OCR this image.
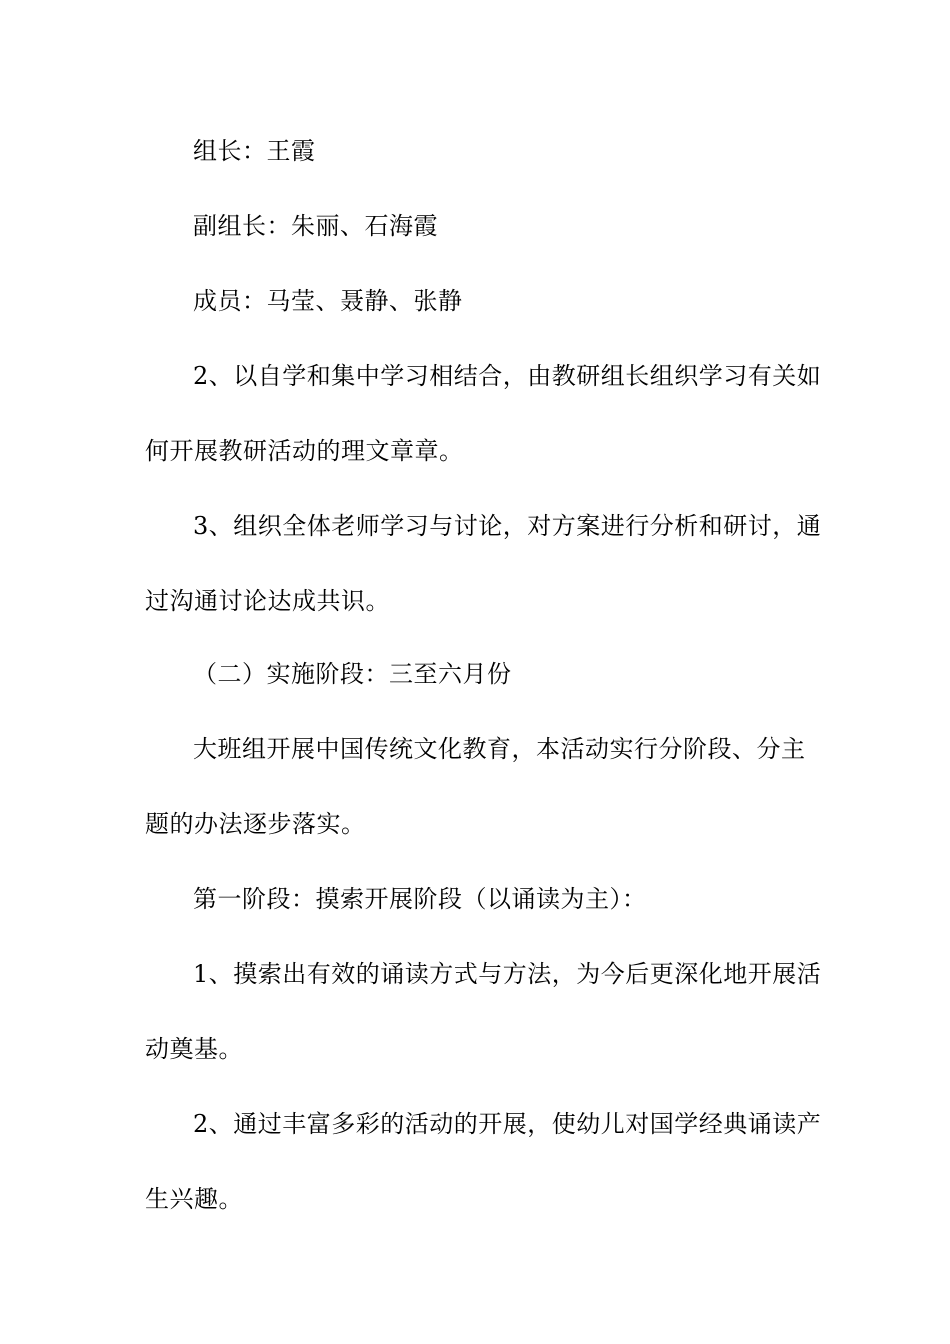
组长：王霞
副组长：朱丽、石海霞
成员：马莹、聂静、张静
2、以自学和集中学习相结合，由教研组长组织学习有关如
何开展教研活动的理文章章。
3、组织全体老师学习与讨论，对方案进行分析和研讨，通
过沟通讨论达成共识。
（二）实施阶段：三至六月份
大班组开展中国传统文化教育，本活动实行分阶段、分主
题的办法逐步落实。
第一阶段：摸索开展阶段（以诵读为主）：
1、摸索出有效的诵读方式与方法，为今后更深化地开展活
动奠基。
2、通过丰富多彩的活动的开展，使幼儿对国学经典诵读产
生兴趣。
